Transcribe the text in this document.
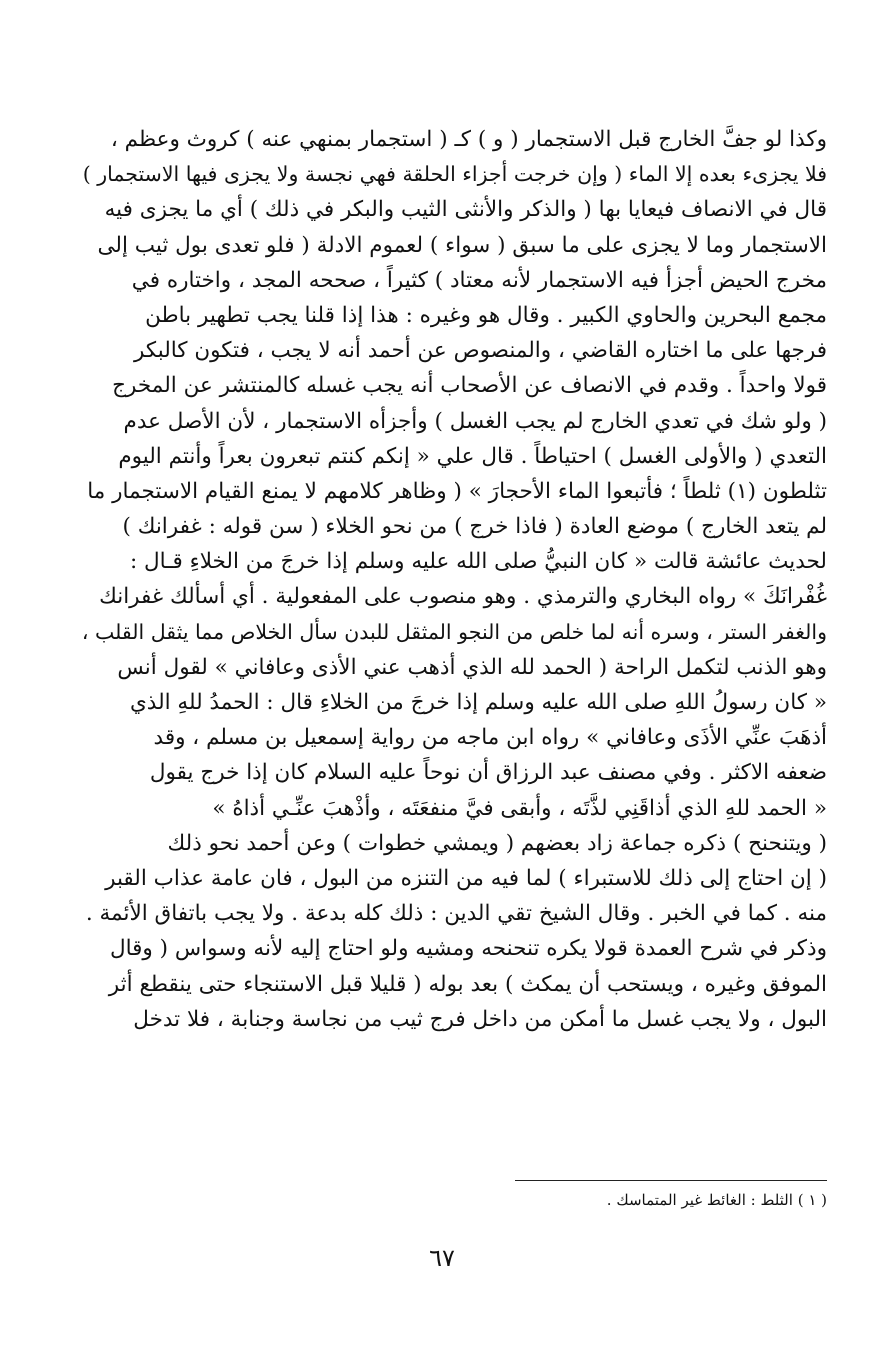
وكذا لو جفَّ الخارج قبل الاستجمار ( و ) كـ ( استجمار بمنهي عنه ) كروث وعظم ،
فلا يجزىء بعده إلا الماء ( وإن خرجت أجزاء الحلقة فهي نجسة ولا يجزى فيها الاستجمار )
قال في الانصاف فيعايا بها ( والذكر والأنثى الثيب والبكر في ذلك ) أي ما يجزى فيه
الاستجمار وما لا يجزى على ما سبق ( سواء ) لعموم الادلة ( فلو تعدى بول ثيب إلى
مخرج الحيض أجزأ فيه الاستجمار لأنه معتاد ) كثيراً ، صححه المجد ، واختاره في
مجمع البحرين والحاوي الكبير . وقال هو وغيره : هذا إذا قلنا يجب تطهير باطن
فرجها على ما اختاره القاضي ، والمنصوص عن أحمد أنه لا يجب ، فتكون كالبكر
قولا واحداً . وقدم في الانصاف عن الأصحاب أنه يجب غسله كالمنتشر عن المخرج
( ولو شك في تعدي الخارج لم يجب الغسل ) وأجزأه الاستجمار ، لأن الأصل عدم
التعدي ( والأولى الغسل ) احتياطاً . قال علي « إنكم كنتم تبعرون بعراً وأنتم اليوم
تثلطون (١) ثلطاً ؛ فأتبعوا الماء الأحجارَ » ( وظاهر كلامهم لا يمنع القيام الاستجمار ما
لم يتعد الخارج ) موضع العادة ( فاذا خرج ) من نحو الخلاء ( سن قوله : غفرانك )
لحديث عائشة قالت « كان النبيُّ صلى الله عليه وسلم إذا خرجَ من الخلاءِ قـال :
غُفْرانَكَ » رواه البخاري والترمذي . وهو منصوب على المفعولية . أي أسألك غفرانك
والغفر الستر ، وسره أنه لما خلص من النجو المثقل للبدن سأل الخلاص مما يثقل القلب ،
وهو الذنب لتكمل الراحة ( الحمد لله الذي أذهب عني الأذى وعافاني » لقول أنس
« كان رسولُ اللهِ صلى الله عليه وسلم إذا خرجَ من الخلاءِ قال : الحمدُ للهِ الذي
أذهَبَ عنِّي الأذَى وعافاني » رواه ابن ماجه من رواية إسمعيل بن مسلم ، وقد
ضعفه الاكثر . وفي مصنف عبد الرزاق أن نوحاً عليه السلام كان إذا خرج يقول
« الحمد للهِ الذي أذاقَنِي لذَّتَه ، وأبقى فيَّ منفعَتَه ، وأذْهبَ عنِّـي أذاهُ »
( ويتنحنح ) ذكره جماعة زاد بعضهم ( ويمشي خطوات ) وعن أحمد نحو ذلك
( إن احتاج إلى ذلك للاستبراء ) لما فيه من التنزه من البول ، فان عامة عذاب القبر
منه . كما في الخبر . وقال الشيخ تقي الدين : ذلك كله بدعة . ولا يجب باتفاق الأئمة .
وذكر في شرح العمدة قولا يكره تنحنحه ومشيه ولو احتاج إليه لأنه وسواس ( وقال
الموفق وغيره ، ويستحب أن يمكث ) بعد بوله ( قليلا قبل الاستنجاء حتى ينقطع أثر
البول ، ولا يجب غسل ما أمكن من داخل فرج ثيب من نجاسة وجنابة ، فلا تدخل
( ١ ) الثلط : الغائط غير المتماسك .
٦٧
